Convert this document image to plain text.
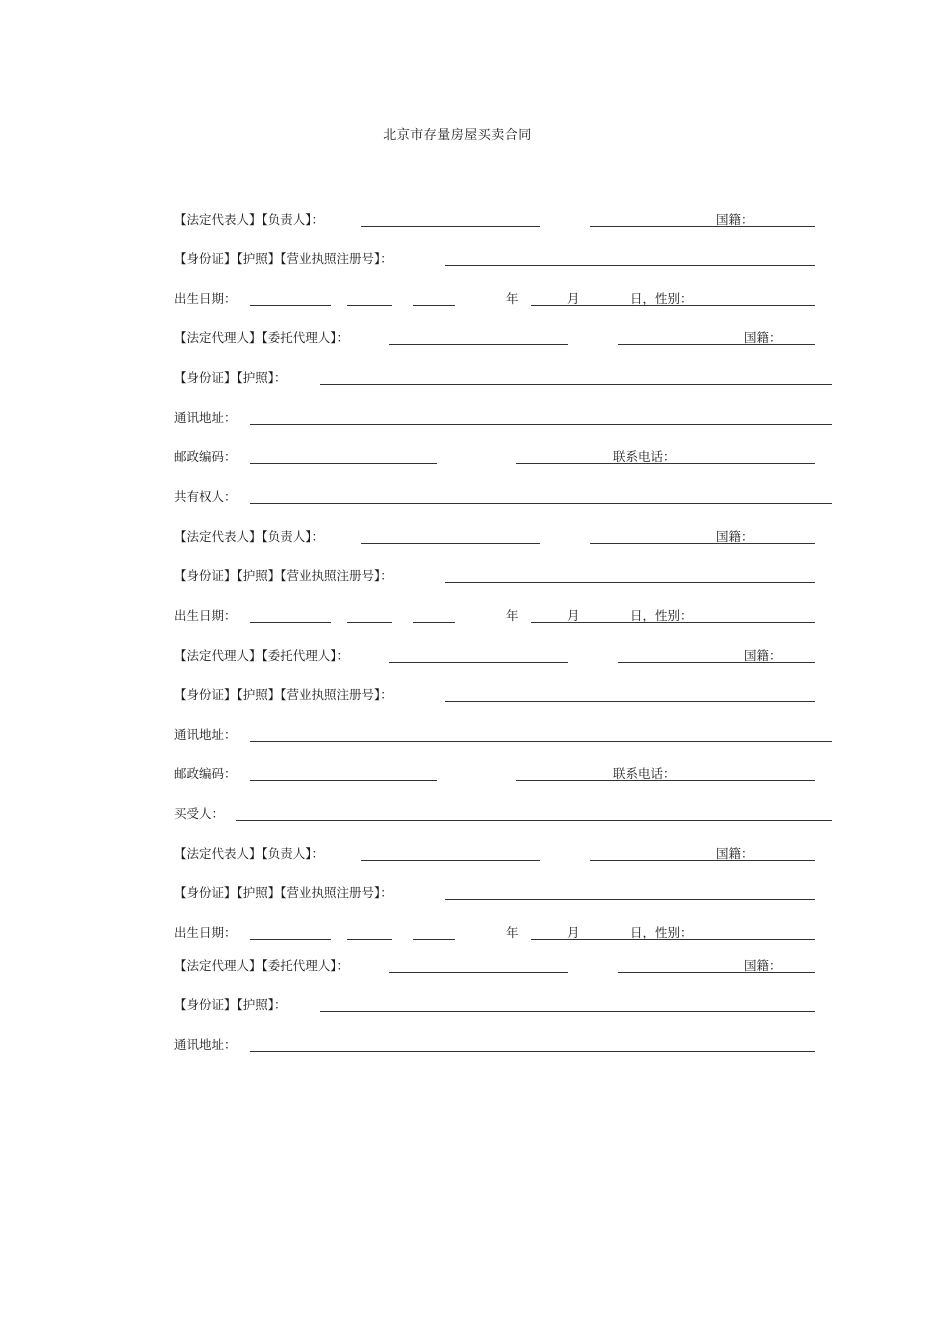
北京市存量房屋买卖合同
【法定代表人】【负责人】：	国籍：
【身份证】【护照】【营业执照注册号】：
出生日期：	年	月	日，性别：
【法定代理人】【委托代理人】：	国籍：
【身份证】【护照】：
通讯地址：
邮政编码：	联系电话：
共有权人：
【法定代表人】【负责人】：	国籍：
【身份证】【护照】【营业执照注册号】：
出生日期：	年	月	日，性别：
【法定代理人】【委托代理人】：	国籍：
【身份证】【护照】【营业执照注册号】：
通讯地址：
邮政编码：	联系电话：
买受人：
【法定代表人】【负责人】：	国籍：
【身份证】【护照】【营业执照注册号】：
出生日期：	年	月	日，性别：
【法定代理人】【委托代理人】：	国籍：
【身份证】【护照】：
通讯地址：
